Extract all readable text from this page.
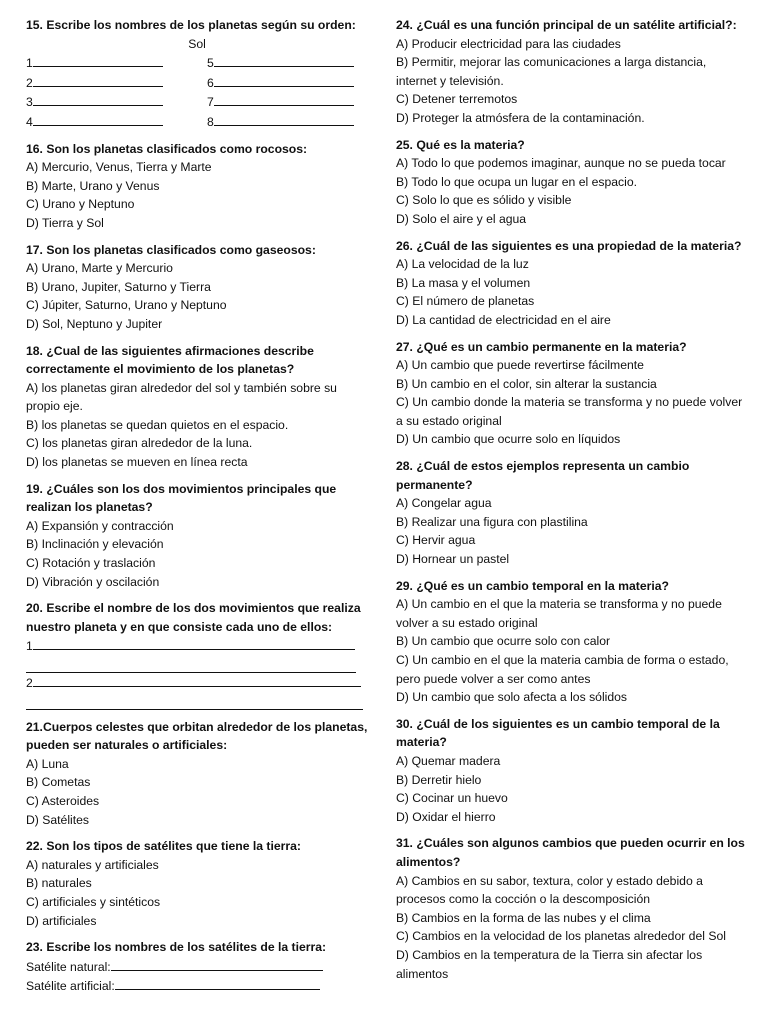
15. Escribe los nombres de los planetas según su orden:
Sol
1	5
2	6
3	7
4	8
16. Son los planetas clasificados como rocosos:
A) Mercurio, Venus, Tierra y Marte
B) Marte, Urano y Venus
C) Urano y Neptuno
D) Tierra y Sol
17. Son los planetas clasificados como gaseosos:
A) Urano, Marte y Mercurio
B) Urano, Jupiter, Saturno y Tierra
C) Júpiter, Saturno, Urano y Neptuno
D) Sol, Neptuno y Jupiter
18. ¿Cual de las siguientes afirmaciones describe correctamente el movimiento de los planetas?
A) los planetas giran alrededor del sol y también sobre su propio eje.
B) los planetas se quedan quietos en el espacio.
C) los planetas giran alrededor de la luna.
D) los planetas se mueven en línea recta
19. ¿Cuáles son los dos movimientos principales que realizan los planetas?
A) Expansión y contracción
B) Inclinación y elevación
C) Rotación y traslación
D) Vibración y oscilación
20. Escribe el nombre de los dos movimientos que realiza nuestro planeta y en que consiste cada uno de ellos:
1
2
21.Cuerpos celestes que orbitan alrededor de los planetas, pueden ser naturales o artificiales:
A) Luna
B) Cometas
C) Asteroides
D) Satélites
22. Son los tipos de satélites que tiene la tierra:
A) naturales y artificiales
B) naturales
C) artificiales y sintéticos
D) artificiales
23. Escribe los nombres de los satélites de la tierra:
Satélite natural:
Satélite artificial:
24. ¿Cuál es una función principal de un satélite artificial?:
A) Producir electricidad para las ciudades
B) Permitir, mejorar las comunicaciones a larga distancia, internet y televisión.
C) Detener terremotos
D) Proteger la atmósfera de la contaminación.
25. Qué es la materia?
A) Todo lo que podemos imaginar, aunque no se pueda tocar
B) Todo lo que ocupa un lugar en el espacio.
C) Solo lo que es sólido y visible
D) Solo el aire y el agua
26. ¿Cuál de las siguientes es una propiedad de la materia?
A) La velocidad de la luz
B) La masa y el volumen
C) El número de planetas
D) La cantidad de electricidad en el aire
27. ¿Qué es un cambio permanente en la materia?
A) Un cambio que puede revertirse fácilmente
B) Un cambio en el color, sin alterar la sustancia
C) Un cambio donde la materia se transforma y no puede volver a su estado original
D) Un cambio que ocurre solo en líquidos
28. ¿Cuál de estos ejemplos representa un cambio permanente?
A) Congelar agua
B) Realizar una figura con plastilina
C) Hervir agua
D) Hornear un pastel
29. ¿Qué es un cambio temporal en la materia?
A) Un cambio en el que la materia se transforma y no puede volver a su estado original
B) Un cambio que ocurre solo con calor
C) Un cambio en el que la materia cambia de forma o estado, pero puede volver a ser como antes
D) Un cambio que solo afecta a los sólidos
30. ¿Cuál de los siguientes es un cambio temporal de la materia?
A) Quemar madera
B) Derretir hielo
C) Cocinar un huevo
D) Oxidar el hierro
31. ¿Cuáles son algunos cambios que pueden ocurrir en los alimentos?
A) Cambios en su sabor, textura, color y estado debido a procesos como la cocción o la descomposición
B) Cambios en la forma de las nubes y el clima
C) Cambios en la velocidad de los planetas alrededor del Sol
D) Cambios en la temperatura de la Tierra sin afectar los alimentos
